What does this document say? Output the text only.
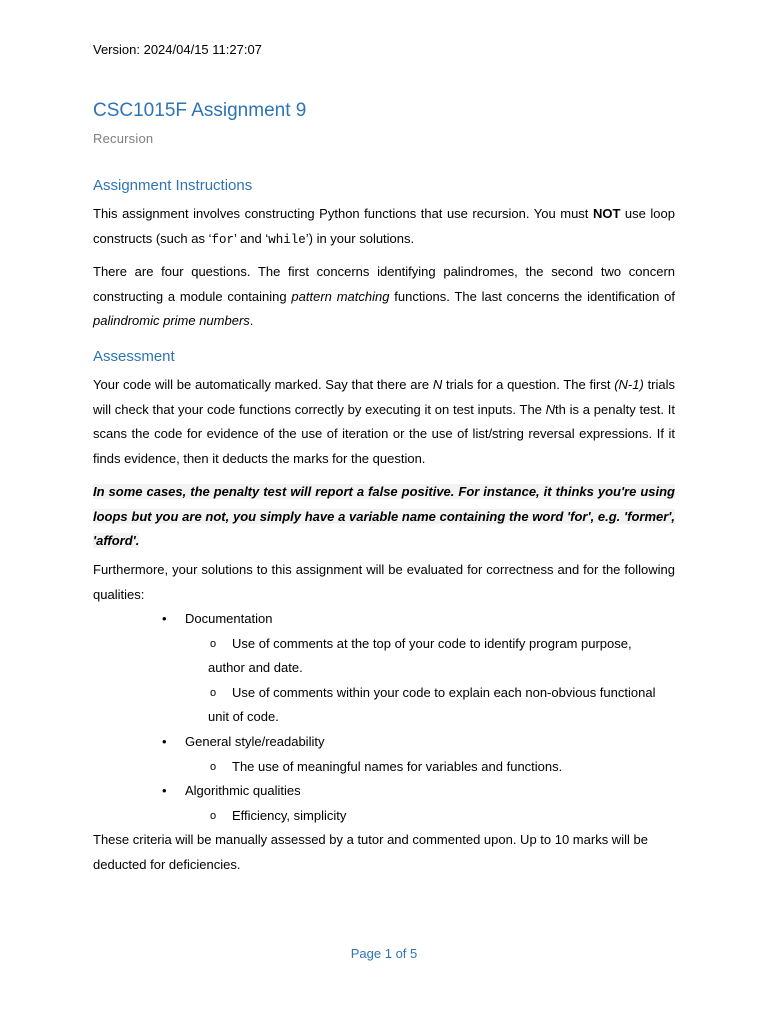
Version: 2024/04/15 11:27:07
CSC1015F Assignment 9
Recursion
Assignment Instructions

This assignment involves constructing Python functions that use recursion. You must NOT use loop constructs (such as ‘for’ and ‘while’) in your solutions.

There are four questions. The first concerns identifying palindromes, the second two concern constructing a module containing pattern matching functions. The last concerns the identification of palindromic prime numbers.

Assessment

Your code will be automatically marked. Say that there are N trials for a question. The first (N-1) trials will check that your code functions correctly by executing it on test inputs. The Nth is a penalty test. It scans the code for evidence of the use of iteration or the use of list/string reversal expressions. If it finds evidence, then it deducts the marks for the question.

In some cases, the penalty test will report a false positive. For instance, it thinks you're using loops but you are not, you simply have a variable name containing the word 'for', e.g. 'former', 'afford'.

Furthermore, your solutions to this assignment will be evaluated for correctness and for the following qualities:

• Documentation
o Use of comments at the top of your code to identify program purpose, author and date.
o Use of comments within your code to explain each non-obvious functional unit of code.
• General style/readability
o The use of meaningful names for variables and functions.
• Algorithmic qualities
o Efficiency, simplicity

These criteria will be manually assessed by a tutor and commented upon. Up to 10 marks will be deducted for deficiencies.

Page 1 of 5
